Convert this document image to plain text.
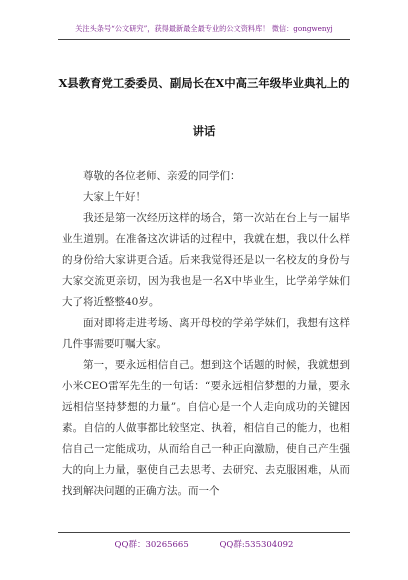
关注头条号“公文研究”，获得最新最全最专业的公文资料库！ 微信：gongwenyj
X县教育党工委委员、副局长在X中高三年级毕业典礼上的
讲话

尊敬的各位老师、亲爱的同学们：

大家上午好！

我还是第一次经历这样的场合，第一次站在台上与一届毕业生道别。在准备这次讲话的过程中，我就在想，我以什么样的身份给大家讲更合适。后来我觉得还是以一名校友的身份与大家交流更亲切，因为我也是一名X中毕业生，比学弟学妹们大了将近整整40岁。

面对即将走进考场、离开母校的学弟学妹们，我想有这样几件事需要叮嘱大家。

第一，要永远相信自己。想到这个话题的时候，我就想到小米CEO雷军先生的一句话：“要永远相信梦想的力量，要永远相信坚持梦想的力量”。自信心是一个人走向成功的关键因素。自信的人做事都比较坚定、执着，相信自己的能力，也相信自己一定能成功，从而给自己一种正向激励，使自己产生强大的向上力量，驱使自己去思考、去研究、去克服困难，从而找到解决问题的正确方法。而一个

QQ群：30265665	QQ群:535304092
